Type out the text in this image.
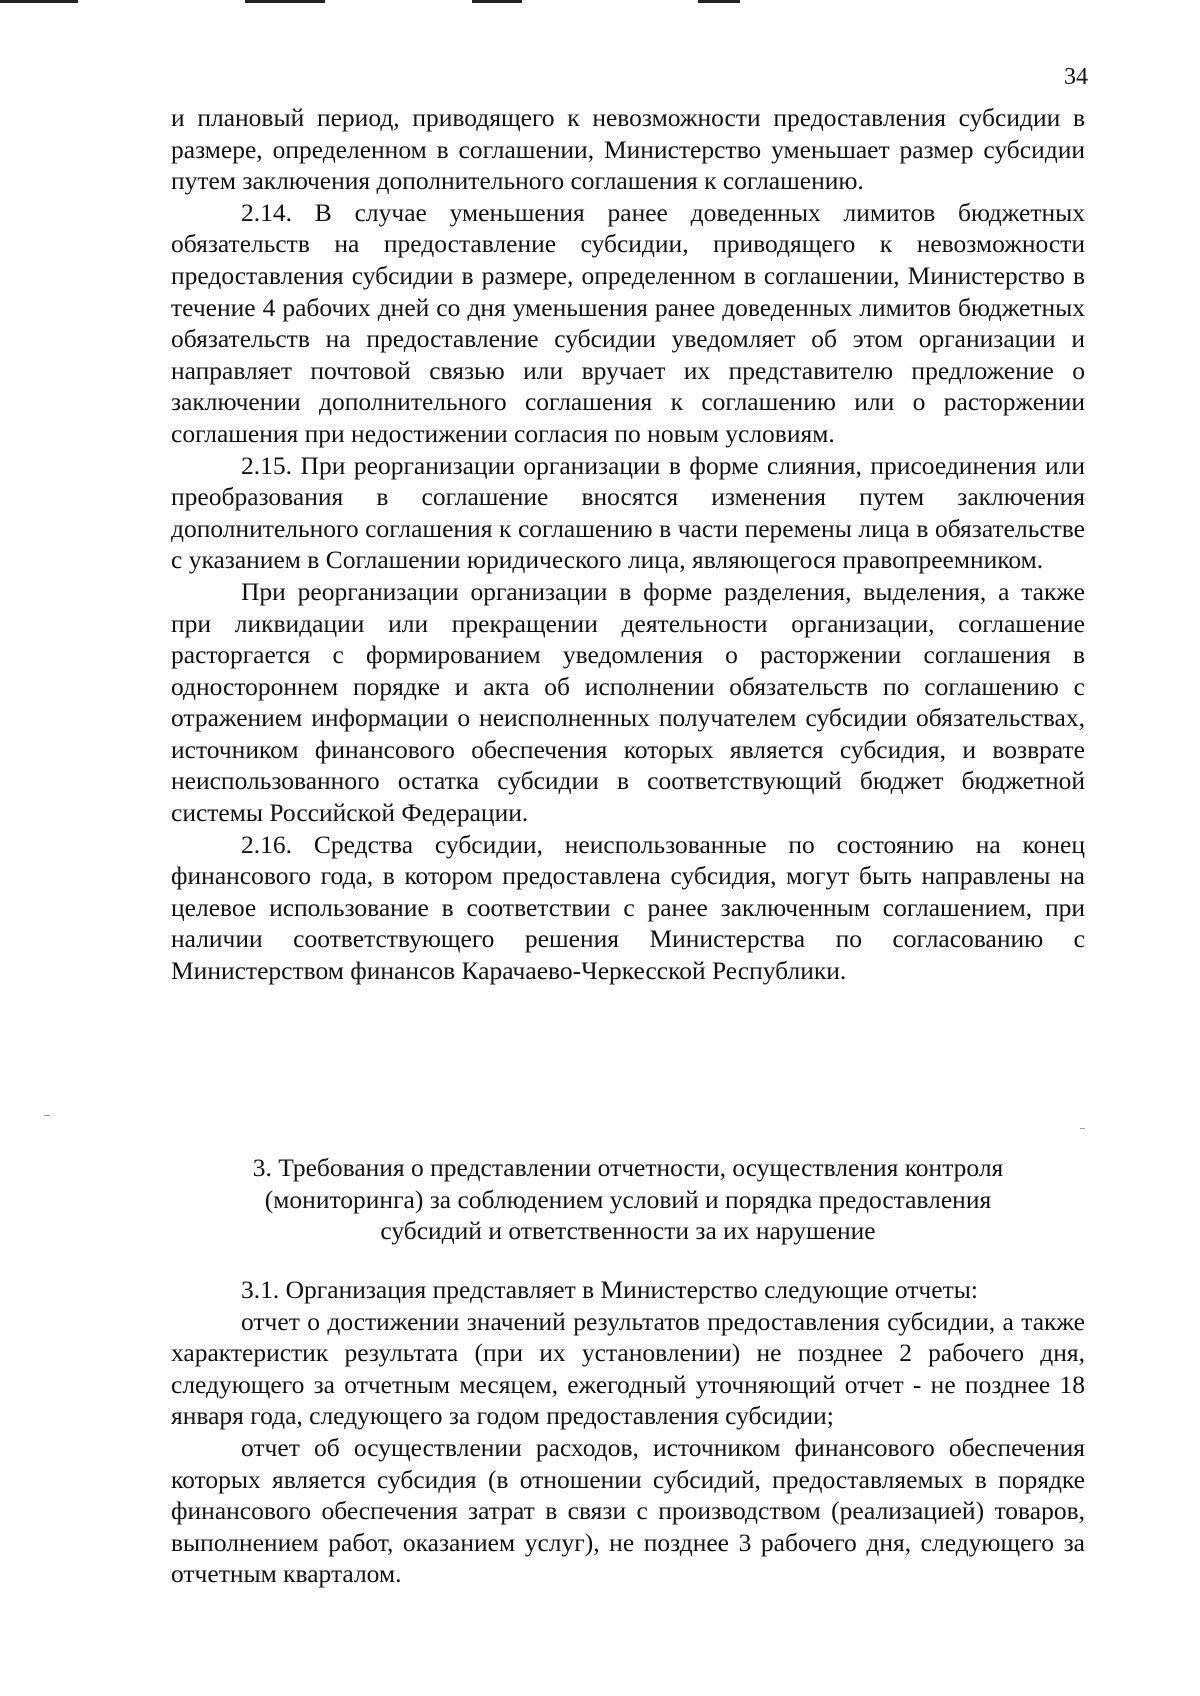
34

и плановый период, приводящего к невозможности предоставления субсидии в размере, определенном в соглашении, Министерство уменьшает размер субсидии путем заключения дополнительного соглашения к соглашению.

2.14. В случае уменьшения ранее доведенных лимитов бюджетных обязательств на предоставление субсидии, приводящего к невозможности предоставления субсидии в размере, определенном в соглашении, Министерство в течение 4 рабочих дней со дня уменьшения ранее доведенных лимитов бюджетных обязательств на предоставление субсидии уведомляет об этом организации и направляет почтовой связью или вручает их представителю предложение о заключении дополнительного соглашения к соглашению или о расторжении соглашения при недостижении согласия по новым условиям.

2.15. При реорганизации организации в форме слияния, присоединения или преобразования в соглашение вносятся изменения путем заключения дополнительного соглашения к соглашению в части перемены лица в обязательстве с указанием в Соглашении юридического лица, являющегося правопреемником.

При реорганизации организации в форме разделения, выделения, а также при ликвидации или прекращении деятельности организации, соглашение расторгается с формированием уведомления о расторжении соглашения в одностороннем порядке и акта об исполнении обязательств по соглашению с отражением информации о неисполненных получателем субсидии обязательствах, источником финансового обеспечения которых является субсидия, и возврате неиспользованного остатка субсидии в соответствующий бюджет бюджетной системы Российской Федерации.

2.16. Средства субсидии, неиспользованные по состоянию на конец финансового года, в котором предоставлена субсидия, могут быть направлены на целевое использование в соответствии с ранее заключенным соглашением, при наличии соответствующего решения Министерства по согласованию с Министерством финансов Карачаево-Черкесской Республики.

3. Требования о представлении отчетности, осуществления контроля
(мониторинга) за соблюдением условий и порядка предоставления
субсидий и ответственности за их нарушение

3.1. Организация представляет в Министерство следующие отчеты:

отчет о достижении значений результатов предоставления субсидии, а также характеристик результата (при их установлении) не позднее 2 рабочего дня, следующего за отчетным месяцем, ежегодный уточняющий отчет - не позднее 18 января года, следующего за годом предоставления субсидии;

отчет об осуществлении расходов, источником финансового обеспечения которых является субсидия (в отношении субсидий, предоставляемых в порядке финансового обеспечения затрат в связи с производством (реализацией) товаров, выполнением работ, оказанием услуг), не позднее 3 рабочего дня, следующего за отчетным кварталом.
